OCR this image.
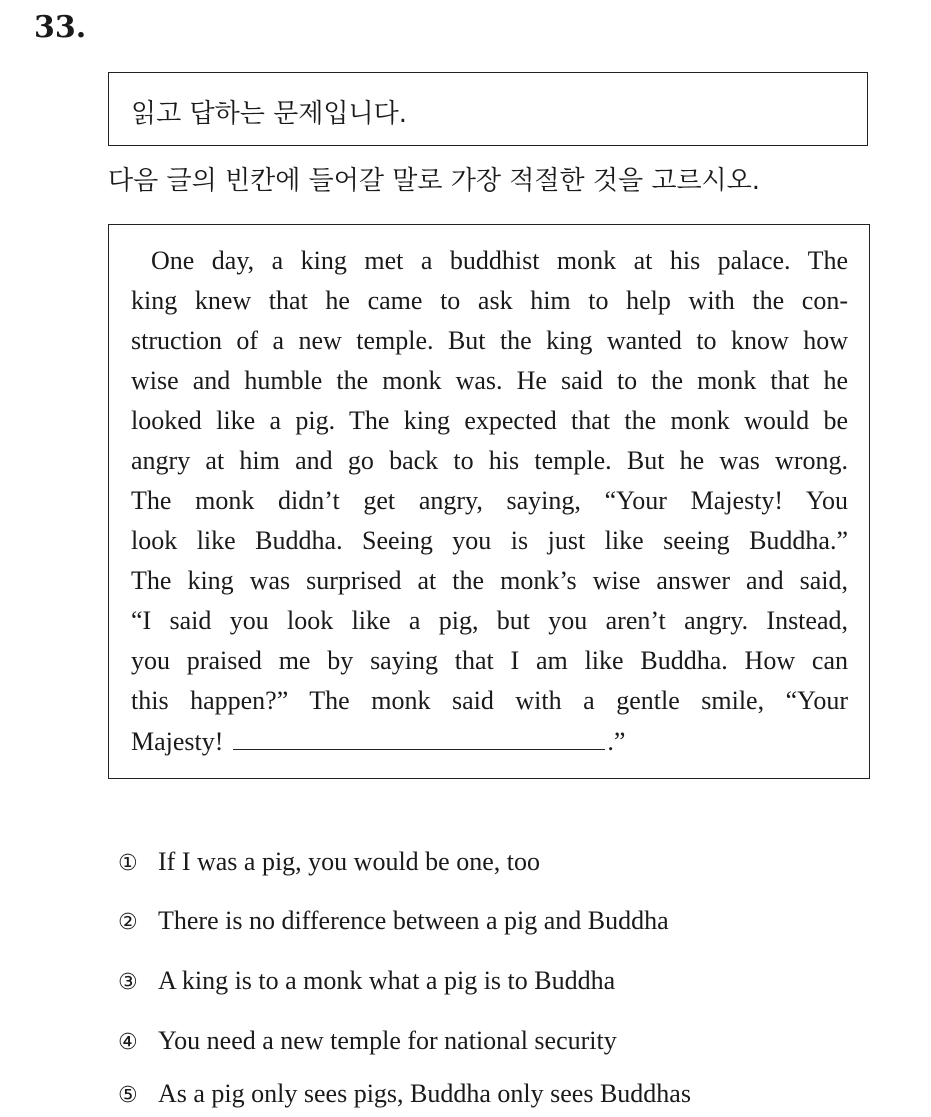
33.
읽고 답하는 문제입니다.
다음 글의 빈칸에 들어갈 말로 가장 적절한 것을 고르시오.
One day, a king met a buddhist monk at his palace. The
king knew that he came to ask him to help with the con-
struction of a new temple. But the king wanted to know how
wise and humble the monk was. He said to the monk that he
looked like a pig. The king expected that the monk would be
angry at him and go back to his temple. But he was wrong.
The monk didn’t get angry, saying, “Your Majesty! You
look like Buddha. Seeing you is just like seeing Buddha.”
The king was surprised at the monk’s wise answer and said,
“I said you look like a pig, but you aren’t angry. Instead,
you praised me by saying that I am like Buddha. How can
this happen?” The monk said with a gentle smile, “Your
Majesty!	.”
① If I was a pig, you would be one, too
② There is no difference between a pig and Buddha
③ A king is to a monk what a pig is to Buddha
④ You need a new temple for national security
⑤ As a pig only sees pigs, Buddha only sees Buddhas
